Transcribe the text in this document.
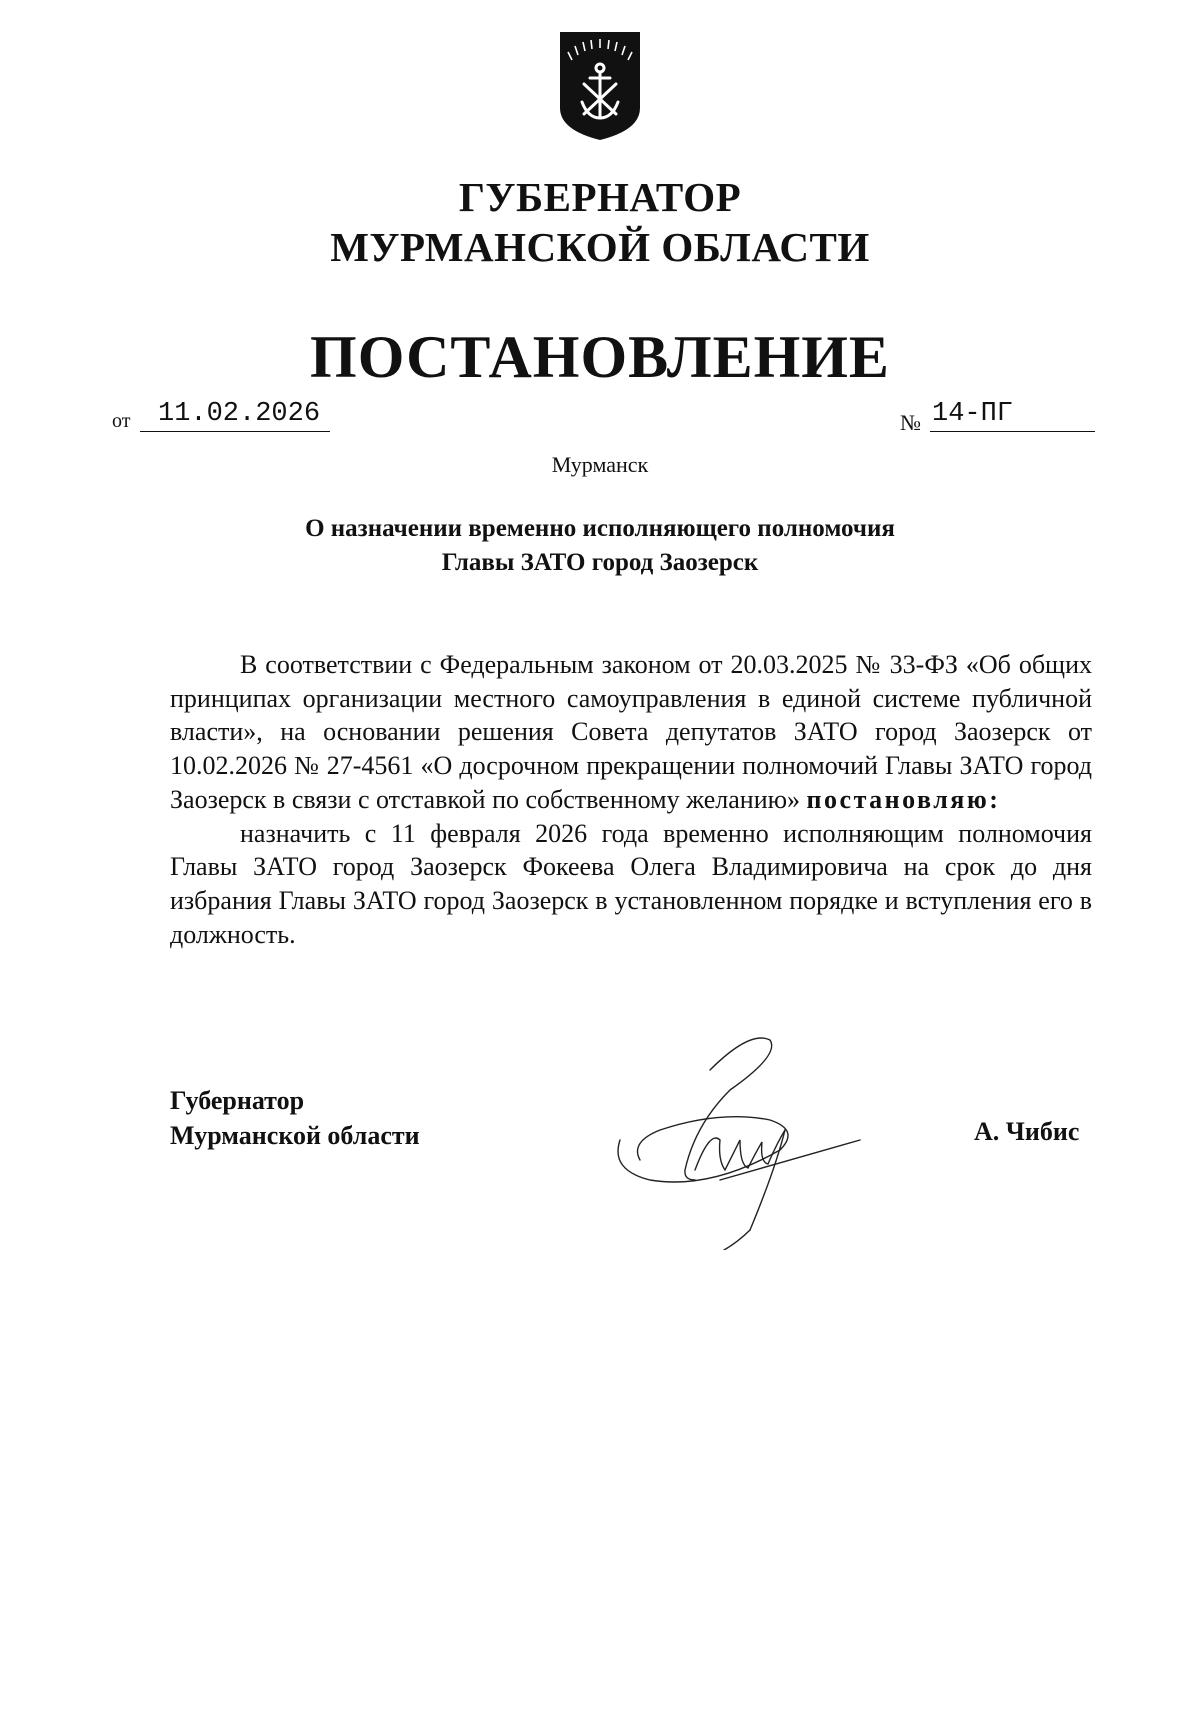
ГУБЕРНАТОР
МУРМАНСКОЙ ОБЛАСТИ
ПОСТАНОВЛЕНИЕ
от	11.02.2026	№ 14-ПГ
Мурманск
О назначении временно исполняющего полномочия
Главы ЗАТО город Заозерск

В соответствии с Федеральным законом от 20.03.2025 № 33-ФЗ «Об общих принципах организации местного самоуправления в единой системе публичной власти», на основании решения Совета депутатов ЗАТО город Заозерск от 10.02.2026 № 27-4561 «О досрочном прекращении полномочий Главы ЗАТО город Заозерск в связи с отставкой по собственному желанию» постановляю:

назначить с 11 февраля 2026 года временно исполняющим полномочия Главы ЗАТО город Заозерск Фокеева Олега Владимировича на срок до дня избрания Главы ЗАТО город Заозерск в установленном порядке и вступления его в должность.

Губернатор
Мурманской области	А. Чибис
